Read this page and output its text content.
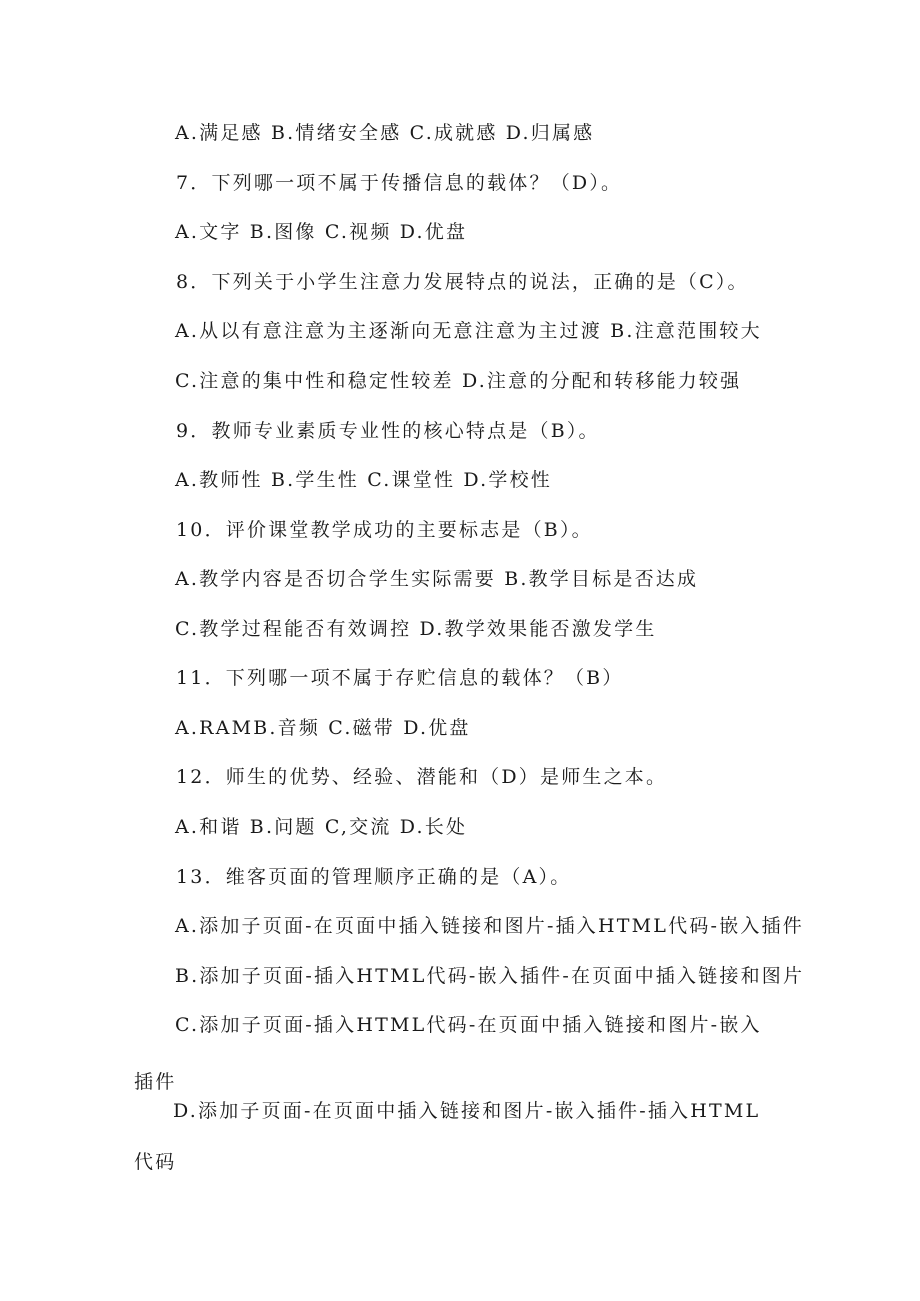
A.满足感 B.情绪安全感 C.成就感 D.归属感
7．下列哪一项不属于传播信息的载体？（D）。
A.文字 B.图像 C.视频 D.优盘
8．下列关于小学生注意力发展特点的说法，正确的是（C）。
A.从以有意注意为主逐渐向无意注意为主过渡 B.注意范围较大
C.注意的集中性和稳定性较差 D.注意的分配和转移能力较强
9．教师专业素质专业性的核心特点是（B）。
A.教师性 B.学生性 C.课堂性 D.学校性
10．评价课堂教学成功的主要标志是（B）。
A.教学内容是否切合学生实际需要 B.教学目标是否达成
C.教学过程能否有效调控 D.教学效果能否激发学生
11．下列哪一项不属于存贮信息的载体？（B）
A.RAMB.音频 C.磁带 D.优盘
12．师生的优势、经验、潜能和（D）是师生之本。
A.和谐 B.问题 C,交流 D.长处
13．维客页面的管理顺序正确的是（A）。
A.添加子页面-在页面中插入链接和图片-插入HTML代码-嵌入插件
B.添加子页面-插入HTML代码-嵌入插件-在页面中插入链接和图片
C.添加子页面-插入HTML代码-在页面中插入链接和图片-嵌入
插件
D.添加子页面-在页面中插入链接和图片-嵌入插件-插入HTML
代码
